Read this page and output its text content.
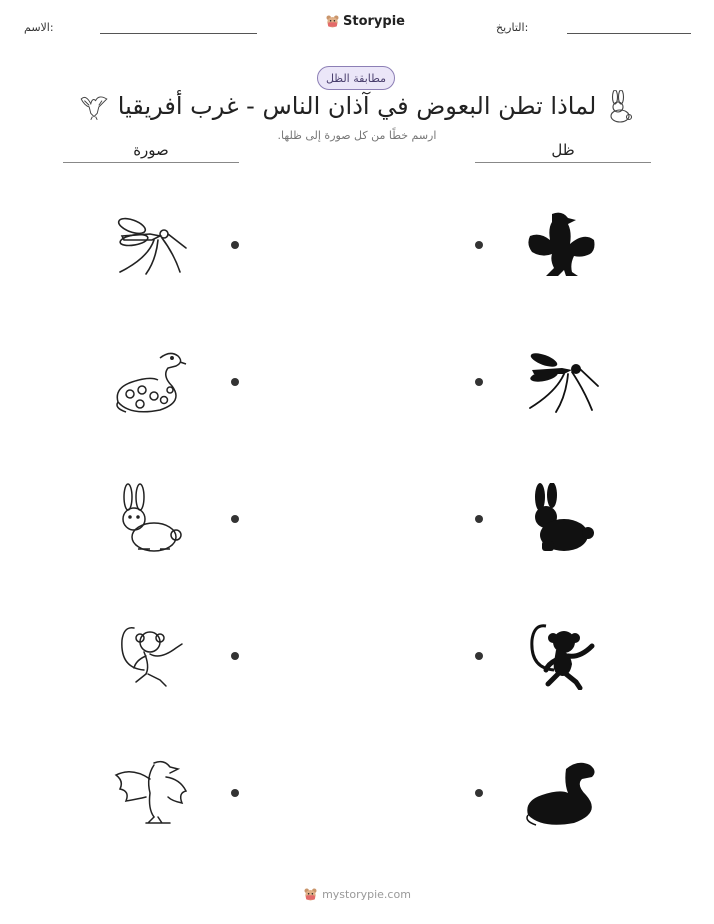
الاسم:	Storypie	التاريخ:
مطابقة الظل
لماذا تطن البعوض في آذان الناس - غرب أفريقيا
ارسم خطًا من كل صورة إلى ظلها.
صورة	ظل
mystorypie.com
